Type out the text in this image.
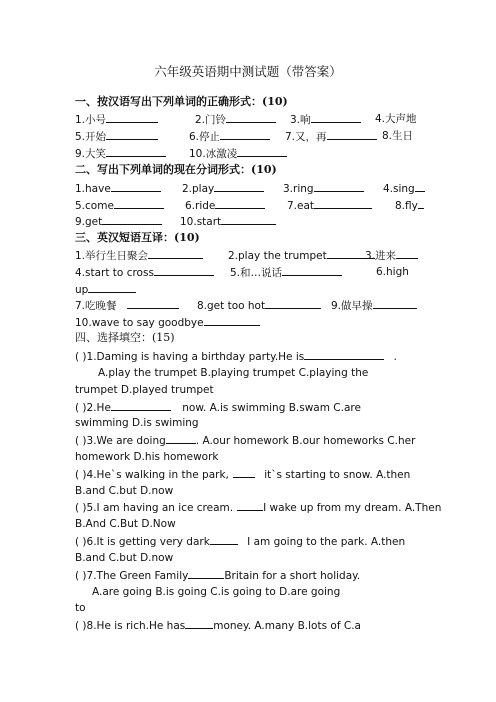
六年级英语期中测试题（带答案）
一、按汉语写出下列单词的正确形式：(10)
1.小号	2.门铃	3.响	4.大声地
5.开始	6.停止	7.又，再	8.生日
9.大笑	10.冰激凌
二、写出下列单词的现在分词形式：(10)
1.have	2.play	3.ring	4.sing
5.come	6.ride	7.eat	8.fly
9.get	10.start
三、英汉短语互译：(10)
1.举行生日聚会	2.play the trumpet	3.进来
4.start to cross	5.和…说话	6.high
up
7.吃晚餐	8.get too hot	9.做早操
10.wave to say goodbye
四、选择填空：(15)
( )1.Daming is having a birthday party.He is	.
A.play the trumpet B.playing trumpet C.playing the
trumpet D.played trumpet
( )2.He	now. A.is swimming B.swam C.are
swimming D.is swiming
( )3.We are doing	. A.our homework B.our homeworks C.her
homework D.his homework
( )4.He`s walking in the park,	it`s starting to snow. A.then
B.and C.but D.now
( )5.I am having an ice cream.	I wake up from my dream. A.Then
B.And C.But D.Now
( )6.It is getting very dark	I am going to the park. A.then
B.and C.but D.now
( )7.The Green Family	Britain for a short holiday.
A.are going B.is going C.is going to D.are going
to
( )8.He is rich.He has	money. A.many B.lots of C.a
